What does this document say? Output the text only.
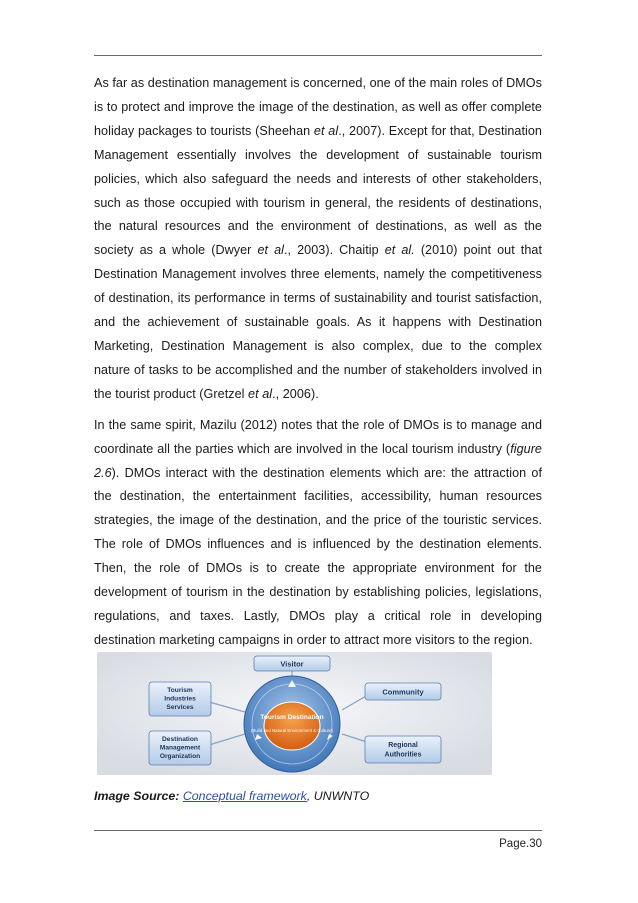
As far as destination management is concerned, one of the main roles of DMOs is to protect and improve the image of the destination, as well as offer complete holiday packages to tourists (Sheehan et al., 2007). Except for that, Destination Management essentially involves the development of sustainable tourism policies, which also safeguard the needs and interests of other stakeholders, such as those occupied with tourism in general, the residents of destinations, the natural resources and the environment of destinations, as well as the society as a whole (Dwyer et al., 2003). Chaitip et al. (2010) point out that Destination Management involves three elements, namely the competitiveness of destination, its performance in terms of sustainability and tourist satisfaction, and the achievement of sustainable goals. As it happens with Destination Marketing, Destination Management is also complex, due to the complex nature of tasks to be accomplished and the number of stakeholders involved in the tourist product (Gretzel et al., 2006).

In the same spirit, Mazilu (2012) notes that the role of DMOs is to manage and coordinate all the parties which are involved in the local tourism industry (figure 2.6). DMOs interact with the destination elements which are: the attraction of the destination, the entertainment facilities, accessibility, human resources strategies, the image of the destination, and the price of the touristic services. The role of DMOs influences and is influenced by the destination elements. Then, the role of DMOs is to create the appropriate environment for the development of tourism in the destination by establishing policies, legislations, regulations, and taxes. Lastly, DMOs play a critical role in developing destination marketing campaigns in order to attract more visitors to the region.

Tourism Destination
(Build and Natural Environment & Culture)
Visitor
Tourism
Industries
Services
Destination
Management
Organization
Community
Regional
Authorities
Image Source: Conceptual framework, UNWNTO
Page.30
